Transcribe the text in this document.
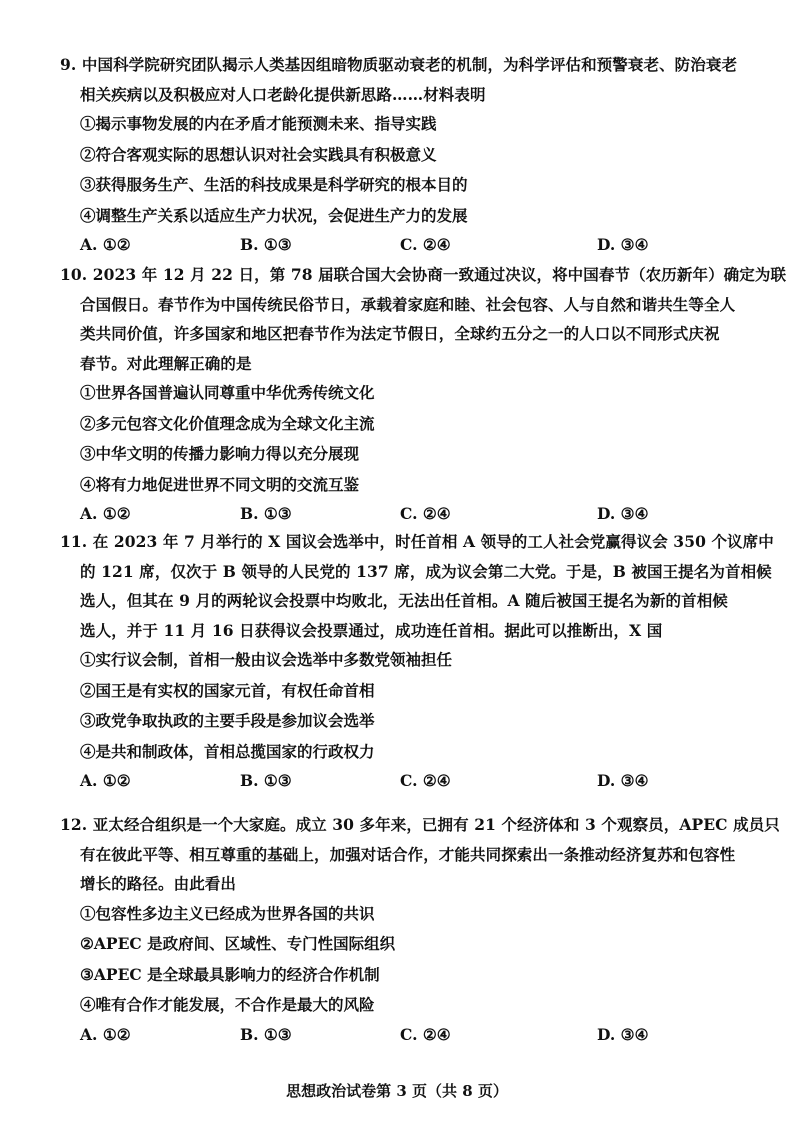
9. 中国科学院研究团队揭示人类基因组暗物质驱动衰老的机制，为科学评估和预警衰老、防治衰老
相关疾病以及积极应对人口老龄化提供新思路……材料表明
①揭示事物发展的内在矛盾才能预测未来、指导实践
②符合客观实际的思想认识对社会实践具有积极意义
③获得服务生产、生活的科技成果是科学研究的根本目的
④调整生产关系以适应生产力状况，会促进生产力的发展
A. ①②	B. ①③	C. ②④	D. ③④
10. 2023 年 12 月 22 日，第 78 届联合国大会协商一致通过决议，将中国春节（农历新年）确定为联
合国假日。春节作为中国传统民俗节日，承载着家庭和睦、社会包容、人与自然和谐共生等全人
类共同价值，许多国家和地区把春节作为法定节假日，全球约五分之一的人口以不同形式庆祝
春节。对此理解正确的是
①世界各国普遍认同尊重中华优秀传统文化
②多元包容文化价值理念成为全球文化主流
③中华文明的传播力影响力得以充分展现
④将有力地促进世界不同文明的交流互鉴
A. ①②	B. ①③	C. ②④	D. ③④
11. 在 2023 年 7 月举行的 X 国议会选举中，时任首相 A 领导的工人社会党赢得议会 350 个议席中
的 121 席，仅次于 B 领导的人民党的 137 席，成为议会第二大党。于是，B 被国王提名为首相候
选人，但其在 9 月的两轮议会投票中均败北，无法出任首相。A 随后被国王提名为新的首相候
选人，并于 11 月 16 日获得议会投票通过，成功连任首相。据此可以推断出，X 国
①实行议会制，首相一般由议会选举中多数党领袖担任
②国王是有实权的国家元首，有权任命首相
③政党争取执政的主要手段是参加议会选举
④是共和制政体，首相总揽国家的行政权力
A. ①②	B. ①③	C. ②④	D. ③④
12. 亚太经合组织是一个大家庭。成立 30 多年来，已拥有 21 个经济体和 3 个观察员，APEC 成员只
有在彼此平等、相互尊重的基础上，加强对话合作，才能共同探索出一条推动经济复苏和包容性
增长的路径。由此看出
①包容性多边主义已经成为世界各国的共识
②APEC 是政府间、区域性、专门性国际组织
③APEC 是全球最具影响力的经济合作机制
④唯有合作才能发展，不合作是最大的风险
A. ①②	B. ①③	C. ②④	D. ③④
思想政治试卷第 3 页（共 8 页）
